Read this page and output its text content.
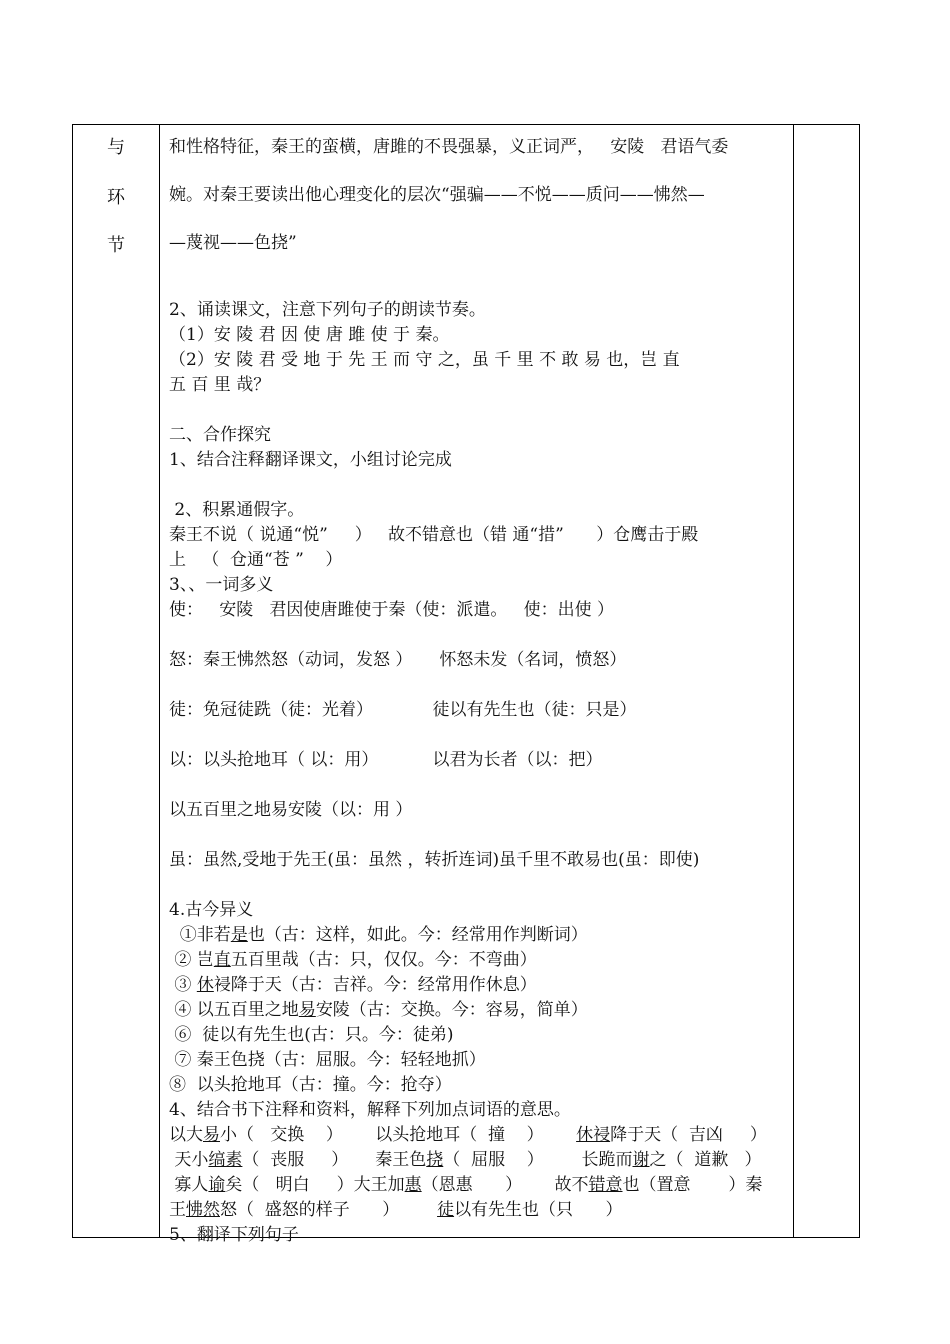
与
环
节
和性格特征，秦王的蛮横，唐雎的不畏强暴，义正词严，   安陵   君语气委
婉。对秦王要读出他心理变化的层次“强骗——不悦——质问——怫然—
—蔑视——色挠”
2、诵读课文，注意下列句子的朗读节奏。
（1）安 陵 君 因 使 唐 雎 使 于 秦。
（2）安 陵 君 受 地 于 先 王 而 守 之，虽 千 里 不 敢 易 也，岂 直
五 百 里 哉？
二、合作探究
1、结合注释翻译课文，小组讨论完成
2、积累通假字。
秦王不说（ 说通“悦”     ）   故不错意也（错 通“措”      ）仓鹰击于殿
上   （  仓通“苍 ”    ）
3、、一词多义
使：   安陵   君因使唐雎使于秦（使：派遣。   使：出使 ）
怒：秦王怫然怒（动词，发怒 ）     怀怒未发（名词，愤怒）
徒：免冠徒跣（徒：光着）           徒以有先生也（徒：只是）
以：以头抢地耳（ 以：用）          以君为长者（以：把）
以五百里之地易安陵（以：用 ）
虽：虽然,受地于先王(虽：虽然 ，转折连词)虽千里不敢易也(虽：即使)
4.古今异义
①非若是也（古：这样，如此。今：经常用作判断词）
② 岂直五百里哉（古：只，仅仅。今：不弯曲）
③ 休祲降于天（古：吉祥。今：经常用作休息）
④ 以五百里之地易安陵（古：交换。今：容易，简单）
⑥  徒以有先生也(古：只。今：徒弟)
⑦ 秦王色挠（古：屈服。今：轻轻地抓）
⑧  以头抢地耳（古：撞。今：抢夺）
4、结合书下注释和资料，解释下列加点词语的意思。
以大易小（   交换    ）      以头抢地耳（  撞    ）      休祲降于天（  吉凶     ）
天小缟素（  丧服     ）     秦王色挠（  屈服    ）       长跪而谢之（  道歉   ）
寡人谕矣（   明白     ）大王加惠（恩惠      ）      故不错意也（置意       ）秦
王怫然怒（  盛怒的样子      ）       徒以有先生也（只      ）
5、翻译下列句子
